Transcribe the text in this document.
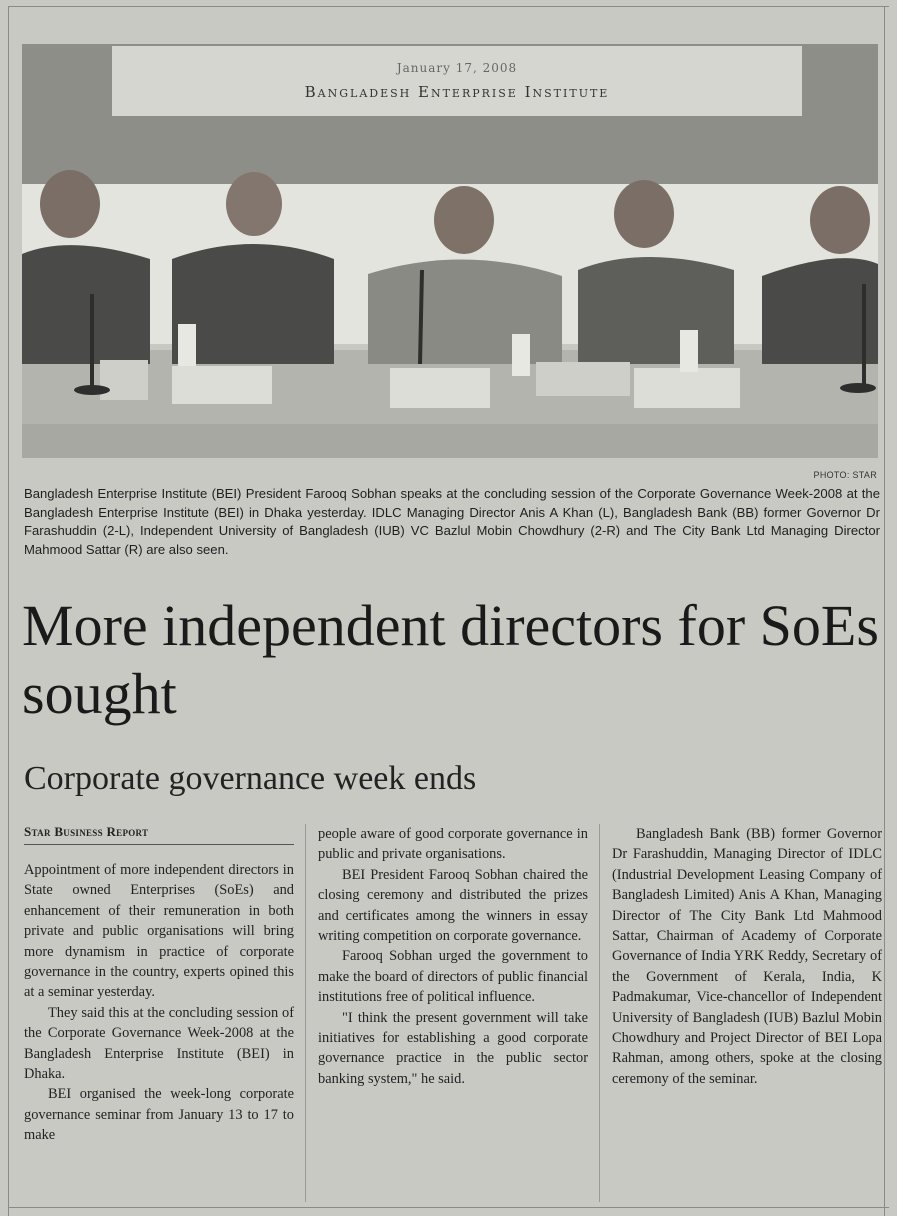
January 17, 2008
Bangladesh Enterprise Institute
PHOTO: STAR
Bangladesh Enterprise Institute (BEI) President Farooq Sobhan speaks at the concluding session of the Corporate Governance Week-2008 at the Bangladesh Enterprise Institute (BEI) in Dhaka yesterday. IDLC Managing Director Anis A Khan (L), Bangladesh Bank (BB) former Governor Dr Farashuddin (2-L), Independent University of Bangladesh (IUB) VC Bazlul Mobin Chowdhury (2-R) and The City Bank Ltd Managing Director Mahmood Sattar (R) are also seen.
More independent directors for SoEs sought
Corporate governance week ends
Star Business Report

Appointment of more independent directors in State owned Enterprises (SoEs) and enhancement of their remuneration in both private and public organisations will bring more dynamism in practice of corporate governance in the country, experts opined this at a seminar yesterday.

They said this at the concluding session of the Corporate Governance Week-2008 at the Bangladesh Enterprise Institute (BEI) in Dhaka.

BEI organised the week-long corporate governance seminar from January 13 to 17 to make

people aware of good corporate governance in public and private organisations.

BEI President Farooq Sobhan chaired the closing ceremony and distributed the prizes and certificates among the winners in essay writing competition on corporate governance.

Farooq Sobhan urged the government to make the board of directors of public financial institutions free of political influence.

"I think the present government will take initiatives for establishing a good corporate governance practice in the public sector banking system," he said.

Bangladesh Bank (BB) former Governor Dr Farashuddin, Managing Director of IDLC (Industrial Development Leasing Company of Bangladesh Limited) Anis A Khan, Managing Director of The City Bank Ltd Mahmood Sattar, Chairman of Academy of Corporate Governance of India YRK Reddy, Secretary of the Government of Kerala, India, K Padmakumar, Vice-chancellor of Independent University of Bangladesh (IUB) Bazlul Mobin Chowdhury and Project Director of BEI Lopa Rahman, among others, spoke at the closing ceremony of the seminar.
